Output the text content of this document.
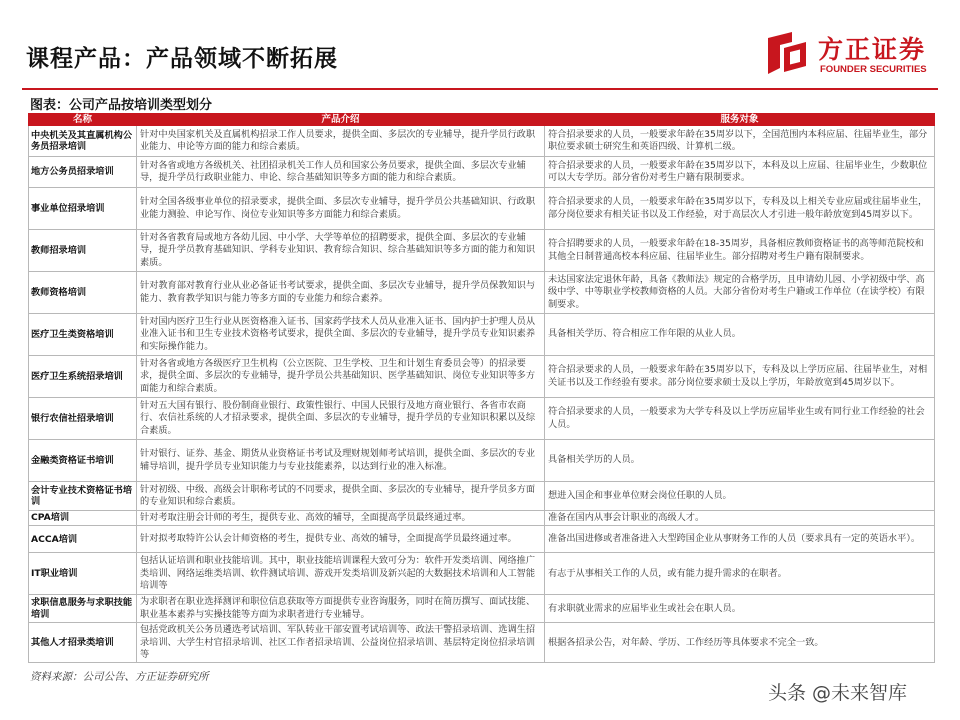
课程产品：产品领域不断拓展	方正证券
FOUNDER SECURITIES
图表：公司产品按培训类型划分
名称	产品介绍	服务对象
中央机关及其直属机构公务员招录培训	针对中央国家机关及直属机构招录工作人员要求，提供全面、多层次的专业辅导，提升学员行政职业能力、申论等方面的能力和综合素质。	符合招录要求的人员，一般要求年龄在35周岁以下，全国范围内本科应届、往届毕业生，部分职位要求硕士研究生和英语四级、计算机二级。
地方公务员招录培训	针对各省或地方各级机关、社团招录机关工作人员和国家公务员要求，提供全面、多层次专业辅导，提升学员行政职业能力、申论、综合基础知识等多方面的能力和综合素质。	符合招录要求的人员，一般要求年龄在35周岁以下，本科及以上应届、往届毕业生，少数职位可以大专学历。部分省份对考生户籍有限制要求。
事业单位招录培训	针对全国各级事业单位的招录要求，提供全面、多层次专业辅导，提升学员公共基础知识、行政职业能力测验、申论写作、岗位专业知识等多方面能力和综合素质。	符合招录要求的人员，一般要求年龄在35周岁以下，专科及以上相关专业应届或往届毕业生，部分岗位要求有相关证书以及工作经验，对于高层次人才引进一般年龄放宽到45周岁以下。
教师招录培训	针对各省教育局或地方各幼儿园、中小学、大学等单位的招聘要求，提供全面、多层次的专业辅导，提升学员教育基础知识、学科专业知识、教育综合知识、综合基础知识等多方面的能力和知识素质。	符合招聘要求的人员，一般要求年龄在18-35周岁，具备相应教师资格证书的高等师范院校和其他全日制普通高校本科应届、往届毕业生。部分招聘对考生户籍有限制要求。
教师资格培训	针对教育部对教育行业从业必备证书考试要求，提供全面、多层次专业辅导，提升学员保教知识与能力、教育教学知识与能力等多方面的专业能力和综合素养。	未达国家法定退休年龄，具备《教师法》规定的合格学历，且申请幼儿园、小学初级中学、高级中学、中等职业学校教师资格的人员。大部分省份对考生户籍或工作单位（在读学校）有限制要求。
医疗卫生类资格培训	针对国内医疗卫生行业从医资格准入证书、国家药学技术人员从业准入证书、国内护士护理人员从业准入证书和卫生专业技术资格考试要求，提供全面、多层次的专业辅导，提升学员专业知识素养和实际操作能力。	具备相关学历、符合相应工作年限的从业人员。
医疗卫生系统招录培训	针对各省或地方各级医疗卫生机构（公立医院、卫生学校、卫生和计划生育委员会等）的招录要求，提供全面、多层次的专业辅导，提升学员公共基础知识、医学基础知识、岗位专业知识等多方面能力和综合素质。	符合招录要求的人员，一般要求年龄在35周岁以下，专科及以上学历应届、往届毕业生，对相关证书以及工作经验有要求。部分岗位要求硕士及以上学历，年龄放宽到45周岁以下。
银行农信社招录培训	针对五大国有银行、股份制商业银行、政策性银行、中国人民银行及地方商业银行、各省市农商行、农信社系统的人才招录要求，提供全面、多层次的专业辅导，提升学员的专业知识积累以及综合素质。	符合招录要求的人员，一般要求为大学专科及以上学历应届毕业生或有同行业工作经验的社会人员。
金融类资格证书培训	针对银行、证券、基金、期货从业资格证书考试及理财规划师考试培训，提供全面、多层次的专业辅导培训，提升学员专业知识能力与专业技能素养，以达到行业的准入标准。	具备相关学历的人员。
会计专业技术资格证书培训	针对初级、中级、高级会计职称考试的不同要求，提供全面、多层次的专业辅导，提升学员多方面的专业知识和综合素质。	想进入国企和事业单位财会岗位任职的人员。
CPA培训	针对考取注册会计师的考生，提供专业、高效的辅导，全面提高学员最终通过率。	准备在国内从事会计职业的高级人才。
ACCA培训	针对拟考取特许公认会计师资格的考生，提供专业、高效的辅导，全面提高学员最终通过率。	准备出国进修或者准备进入大型跨国企业从事财务工作的人员（要求具有一定的英语水平）。
IT职业培训	包括认证培训和职业技能培训。其中，职业技能培训课程大致可分为：软件开发类培训、网络推广类培训、网络运维类培训、软件测试培训、游戏开发类培训及新兴起的大数据技术培训和人工智能培训等	有志于从事相关工作的人员，或有能力提升需求的在职者。
求职信息服务与求职技能培训	为求职者在职业选择测评和职位信息获取等方面提供专业咨询服务，同时在简历撰写、面试技能、职业基本素养与实操技能等方面为求职者进行专业辅导。	有求职就业需求的应届毕业生或社会在职人员。
其他人才招录类培训	包括党政机关公务员遴选考试培训、军队转业干部安置考试培训等、政法干警招录培训、选调生招录培训、大学生村官招录培训、社区工作者招录培训、公益岗位招录培训、基层特定岗位招录培训等	根据各招录公告，对年龄、学历、工作经历等具体要求不完全一致。
资料来源：公司公告、方正证券研究所
头条 @未来智库
